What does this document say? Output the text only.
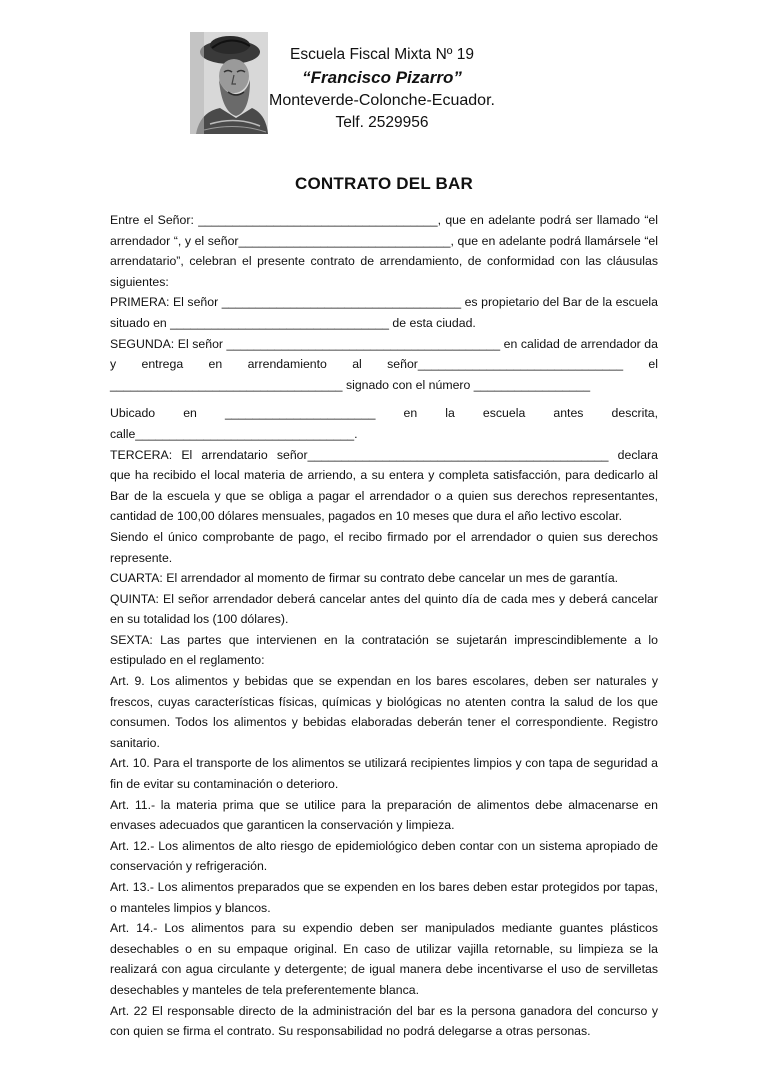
Escuela Fiscal Mixta Nº 19
“Francisco Pizarro”
Monteverde-Colonche-Ecuador.
Telf. 2529956
CONTRATO DEL BAR

Entre el Señor: ___________________________________, que en adelante podrá ser llamado “el arrendador “, y el señor_______________________________, que en adelante podrá llamársele “el arrendatario”, celebran el presente contrato de arrendamiento, de conformidad con las cláusulas siguientes:

PRIMERA: El señor ___________________________________ es propietario del Bar de la escuela situado en ________________________________ de esta ciudad.

SEGUNDA: El señor ________________________________________ en calidad de arrendador da y entrega en arrendamiento al señor______________________________ el __________________________________ signado con el número _________________

Ubicado en ______________________ en la escuela antes descrita, calle________________________________.

TERCERA: El arrendatario señor____________________________________________ declara que ha recibido el local materia de arriendo, a su entera y completa satisfacción, para dedicarlo al Bar de la escuela y que se obliga a pagar el arrendador o a quien sus derechos representantes, cantidad de 100,00 dólares mensuales, pagados en 10 meses que dura el año lectivo escolar.

Siendo el único comprobante de pago, el recibo firmado por el arrendador o quien sus derechos represente.

CUARTA: El arrendador al momento de firmar su contrato debe cancelar un mes de garantía.

QUINTA: El señor arrendador deberá cancelar antes del quinto día de cada mes y deberá cancelar en su totalidad los (100 dólares).

SEXTA: Las partes que intervienen en la contratación se sujetarán imprescindiblemente a lo estipulado en el reglamento:

Art. 9. Los alimentos y bebidas que se expendan en los bares escolares, deben ser naturales y frescos, cuyas características físicas, químicas y biológicas no atenten contra la salud de los que consumen. Todos los alimentos y bebidas elaboradas deberán tener el correspondiente. Registro sanitario.

Art. 10. Para el transporte de los alimentos se utilizará recipientes limpios y con tapa de seguridad a fin de evitar su contaminación o deterioro.

Art. 11.- la materia prima que se utilice para la preparación de alimentos debe almacenarse en envases adecuados que garanticen la conservación y limpieza.

Art. 12.- Los alimentos de alto riesgo de epidemiológico deben contar con un sistema apropiado de conservación y refrigeración.

Art. 13.- Los alimentos preparados que se expenden en los bares deben estar protegidos por tapas, o manteles limpios y blancos.

Art. 14.- Los alimentos para su expendio deben ser manipulados mediante guantes plásticos desechables o en su empaque original. En caso de utilizar vajilla retornable, su limpieza se la realizará con agua circulante y detergente; de igual manera debe incentivarse el uso de servilletas desechables y manteles de tela preferentemente blanca.

Art. 22 El responsable directo de la administración del bar es la persona ganadora del concurso y con quien se firma el contrato. Su responsabilidad no podrá delegarse a otras personas.
